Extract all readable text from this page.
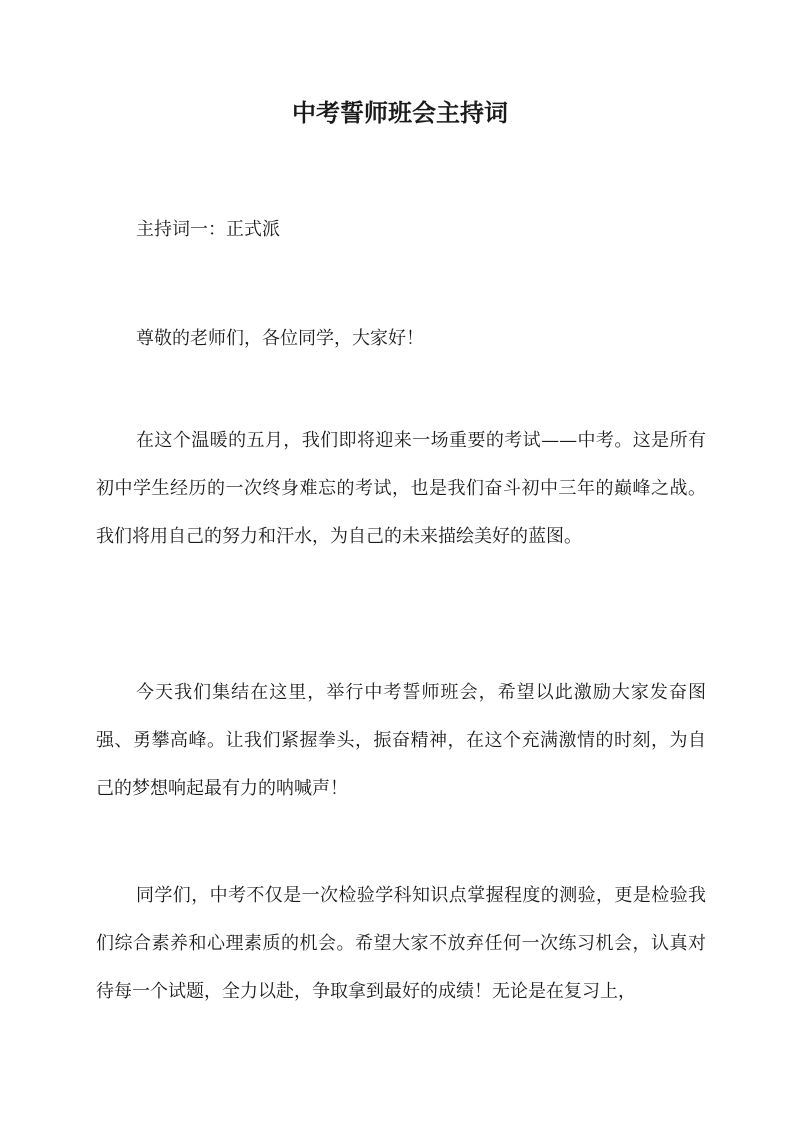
中考誓师班会主持词
主持词一：正式派
尊敬的老师们，各位同学，大家好！
在这个温暖的五月，我们即将迎来一场重要的考试——中考。这是所有初中学生经历的一次终身难忘的考试，也是我们奋斗初中三年的巅峰之战。我们将用自己的努力和汗水，为自己的未来描绘美好的蓝图。
今天我们集结在这里，举行中考誓师班会，希望以此激励大家发奋图强、勇攀高峰。让我们紧握拳头，振奋精神，在这个充满激情的时刻，为自己的梦想响起最有力的呐喊声！
同学们，中考不仅是一次检验学科知识点掌握程度的测验，更是检验我们综合素养和心理素质的机会。希望大家不放弃任何一次练习机会，认真对待每一个试题，全力以赴，争取拿到最好的成绩！无论是在复习上，
